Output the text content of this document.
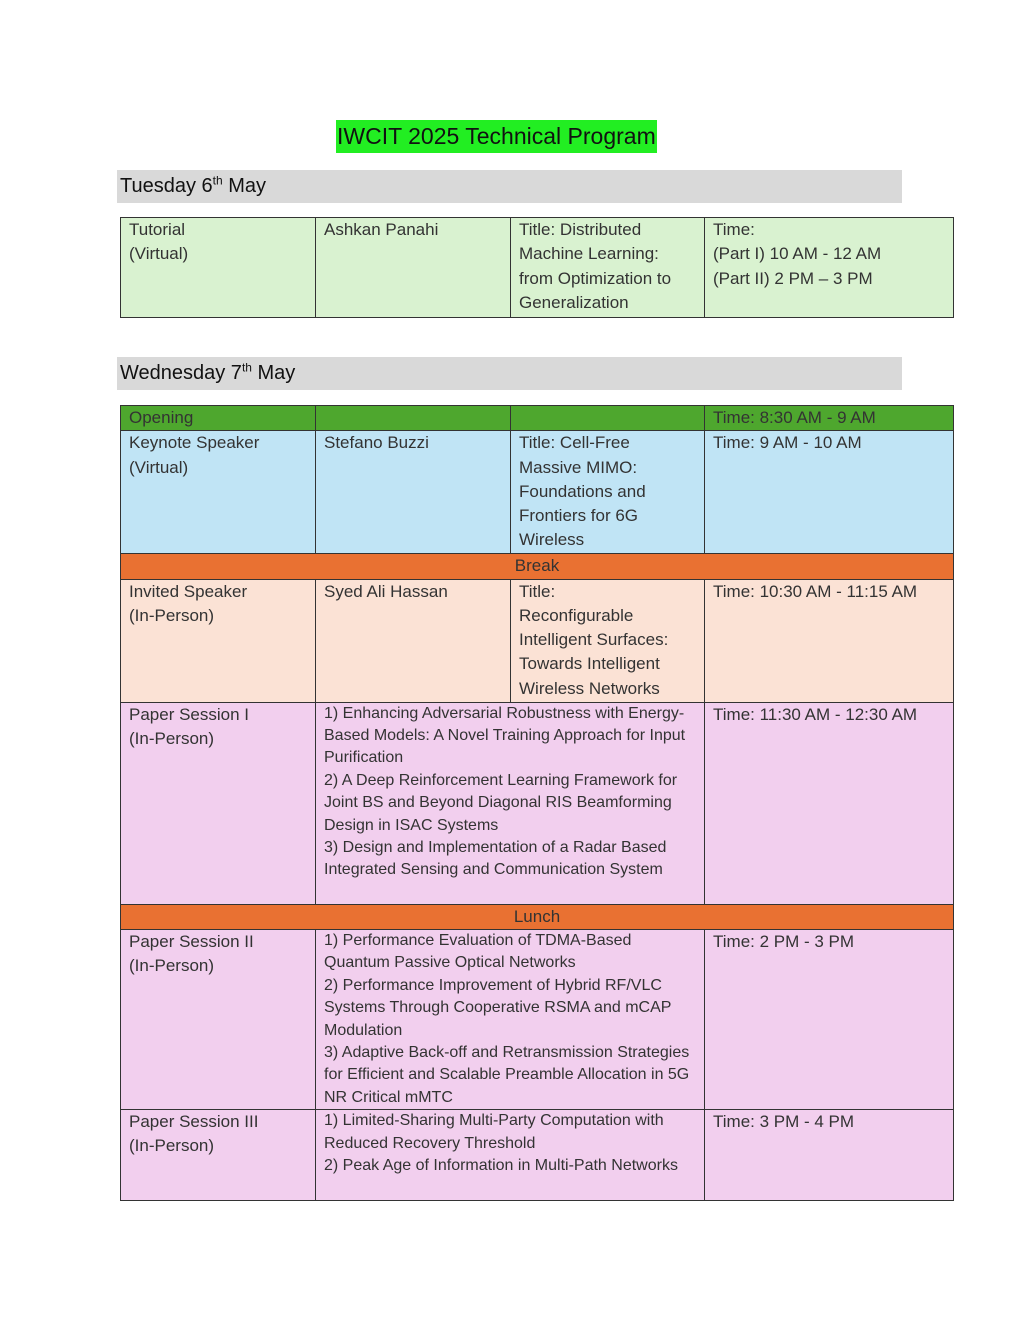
IWCIT 2025 Technical Program
Tuesday 6th May
Tutorial
(Virtual)	Ashkan Panahi	Title: Distributed Machine Learning: from Optimization to Generalization	Time:
(Part I) 10 AM - 12 AM
(Part II) 2 PM – 3 PM
Wednesday 7th May
Opening			Time: 8:30 AM - 9 AM
Keynote Speaker
(Virtual)	Stefano Buzzi	Title: Cell-Free Massive MIMO: Foundations and Frontiers for 6G Wireless	Time: 9 AM - 10 AM
Break			
Invited Speaker
(In-Person)	Syed Ali Hassan	Title:
Reconfigurable Intelligent Surfaces: Towards Intelligent Wireless Networks	Time: 10:30 AM - 11:15 AM
Paper Session I
(In-Person)	1) Enhancing Adversarial Robustness with Energy-Based Models: A Novel Training Approach for Input Purification
2) A Deep Reinforcement Learning Framework for Joint BS and Beyond Diagonal RIS Beamforming Design in ISAC Systems
3) Design and Implementation of a Radar Based Integrated Sensing and Communication System		Time: 11:30 AM - 12:30 AM
Lunch			
Paper Session II
(In-Person)	1) Performance Evaluation of TDMA-Based Quantum Passive Optical Networks
2) Performance Improvement of Hybrid RF/VLC Systems Through Cooperative RSMA and mCAP Modulation
3) Adaptive Back-off and Retransmission Strategies for Efficient and Scalable Preamble Allocation in 5G NR Critical mMTC		Time: 2 PM - 3 PM
Paper Session III
(In-Person)	1) Limited-Sharing Multi-Party Computation with Reduced Recovery Threshold
2) Peak Age of Information in Multi-Path Networks		Time: 3 PM - 4 PM
